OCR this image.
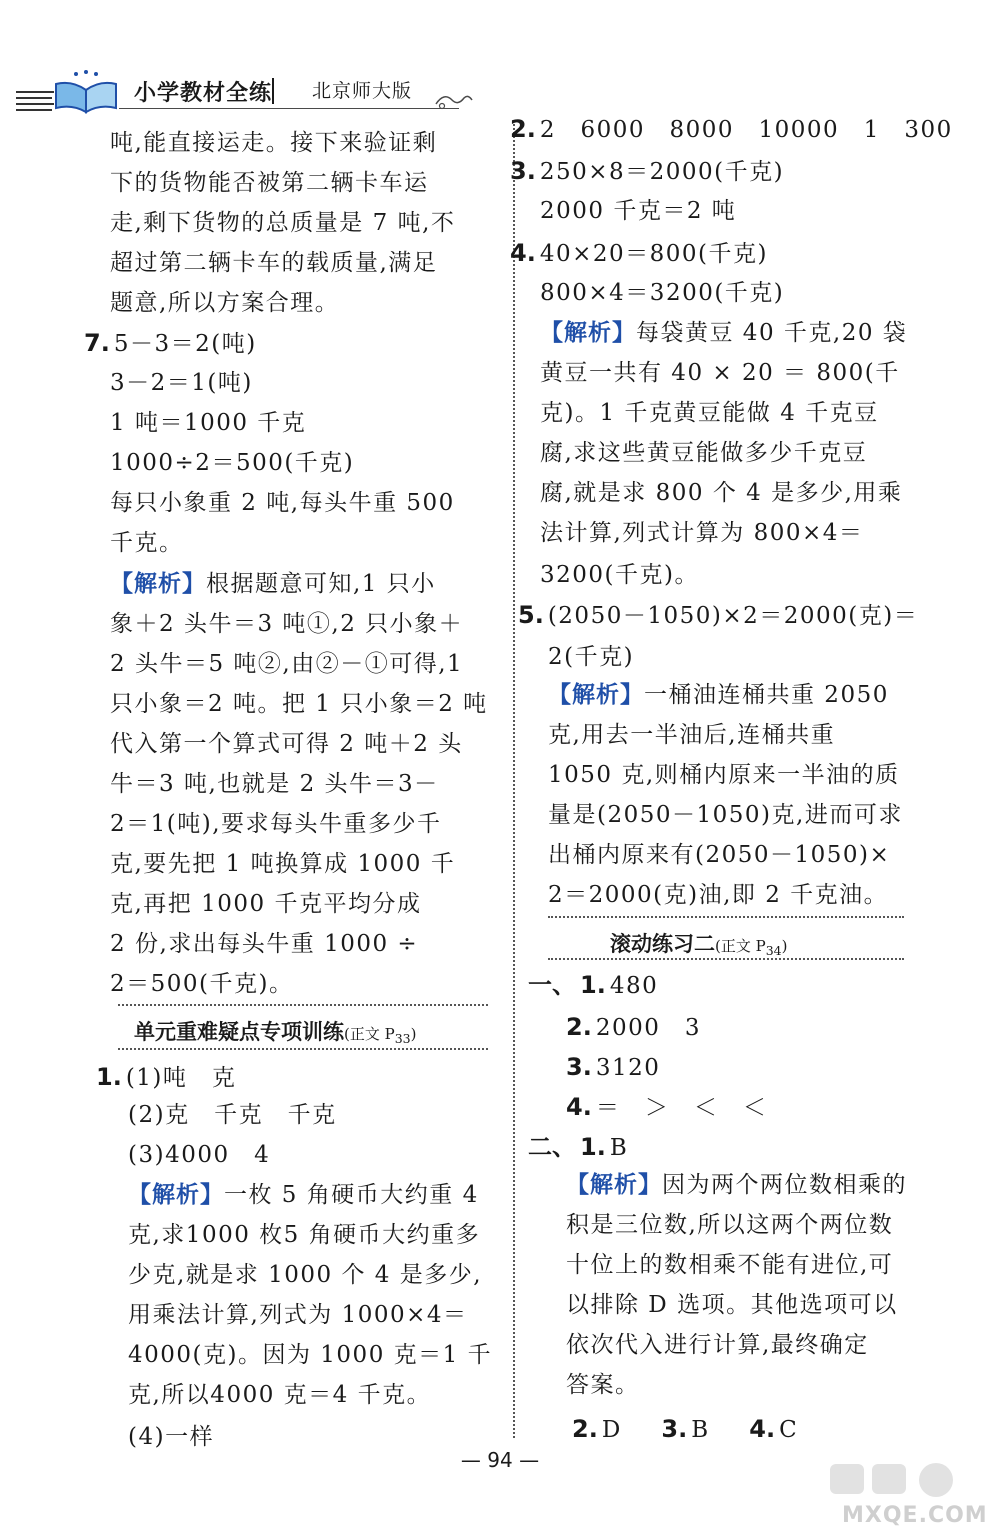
小学教材全练 北京师大版
吨,能直接运走。接下来验证剩
下的货物能否被第二辆卡车运
走,剩下货物的总质量是 7 吨,不
超过第二辆卡车的载质量,满足
题意,所以方案合理。
7. 5－3＝2(吨)
3－2＝1(吨)
1 吨＝1000 千克
1000÷2＝500(千克)
每只小象重 2 吨,每头牛重 500
千克。
【解析】根据题意可知,1 只小
象＋2 头牛＝3 吨①,2 只小象＋
2 头牛＝5 吨②,由②－①可得,1
只小象＝2 吨。把 1 只小象＝2 吨
代入第一个算式可得 2 吨＋2 头
牛＝3 吨,也就是 2 头牛＝3－
2＝1(吨),要求每头牛重多少千
克,要先把 1 吨换算成 1000 千
克,再把 1000 千克平均分成
2 份,求出每头牛重 1000 ÷
2＝500(千克)。
单元重难疑点专项训练(正文 $P_{33}$)
1. (1)吨　克
(2)克　千克　千克
(3)4000　4
【解析】一枚 5 角硬币大约重 4
克,求1000 枚5 角硬币大约重多
少克,就是求 1000 个 4 是多少,
用乘法计算,列式为 1000×4＝
4000(克)。因为 1000 克＝1 千
克,所以4000 克＝4 千克。
(4)一样
2. 2　6000　8000　10000　1　300
3. 250×8＝2000(千克)
2000 千克＝2 吨
4. 40×20＝800(千克)
800×4＝3200(千克)
【解析】每袋黄豆 40 千克,20 袋
黄豆一共有 40 × 20 ＝ 800(千
克)。1 千克黄豆能做 4 千克豆
腐,求这些黄豆能做多少千克豆
腐,就是求 800 个 4 是多少,用乘
法计算,列式计算为 800×4＝
3200(千克)。
5. (2050－1050)×2＝2000(克)＝
2(千克)
【解析】一桶油连桶共重 2050
克,用去一半油后,连桶共重
1050 克,则桶内原来一半油的质
量是(2050－1050)克,进而可求
出桶内原来有(2050－1050)×
2＝2000(克)油,即 2 千克油。
滚动练习二(正文 $P_{34}$)
一、 1. 480
2. 2000　3
3. 3120
4. ＝　＞　＜　＜
二、 1. B
【解析】因为两个两位数相乘的
积是三位数,所以这两个两位数
十位上的数相乘不能有进位,可
以排除 D 选项。其他选项可以
依次代入进行计算,最终确定
答案。
2. D 3. B 4. C
— 94 —
MXQE.COM
